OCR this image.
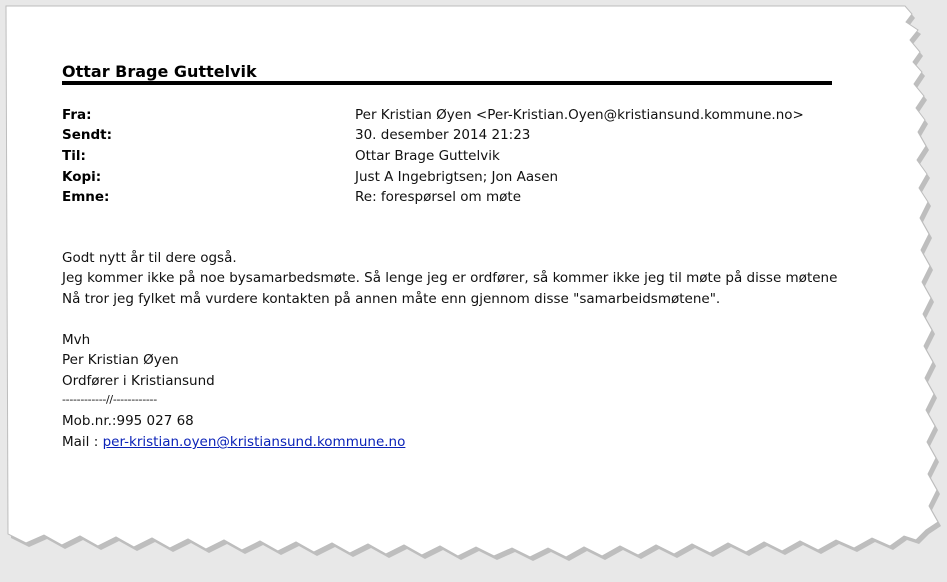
Ottar Brage Guttelvik
Fra:	Per Kristian Øyen <Per-Kristian.Oyen@kristiansund.kommune.no>
Sendt:	30. desember 2014 21:23
Til:	Ottar Brage Guttelvik
Kopi:	Just A Ingebrigtsen; Jon Aasen
Emne:	Re: forespørsel om møte
Godt nytt år til dere også.
Jeg kommer ikke på noe bysamarbedsmøte. Så lenge jeg er ordfører, så kommer ikke jeg til møte på disse møtene
Nå tror jeg fylket må vurdere kontakten på annen måte enn gjennom disse "samarbeidsmøtene".
Mvh
Per Kristian Øyen
Ordfører i Kristiansund
------------//------------
Mob.nr.:995 027 68
Mail : per-kristian.oyen@kristiansund.kommune.no
